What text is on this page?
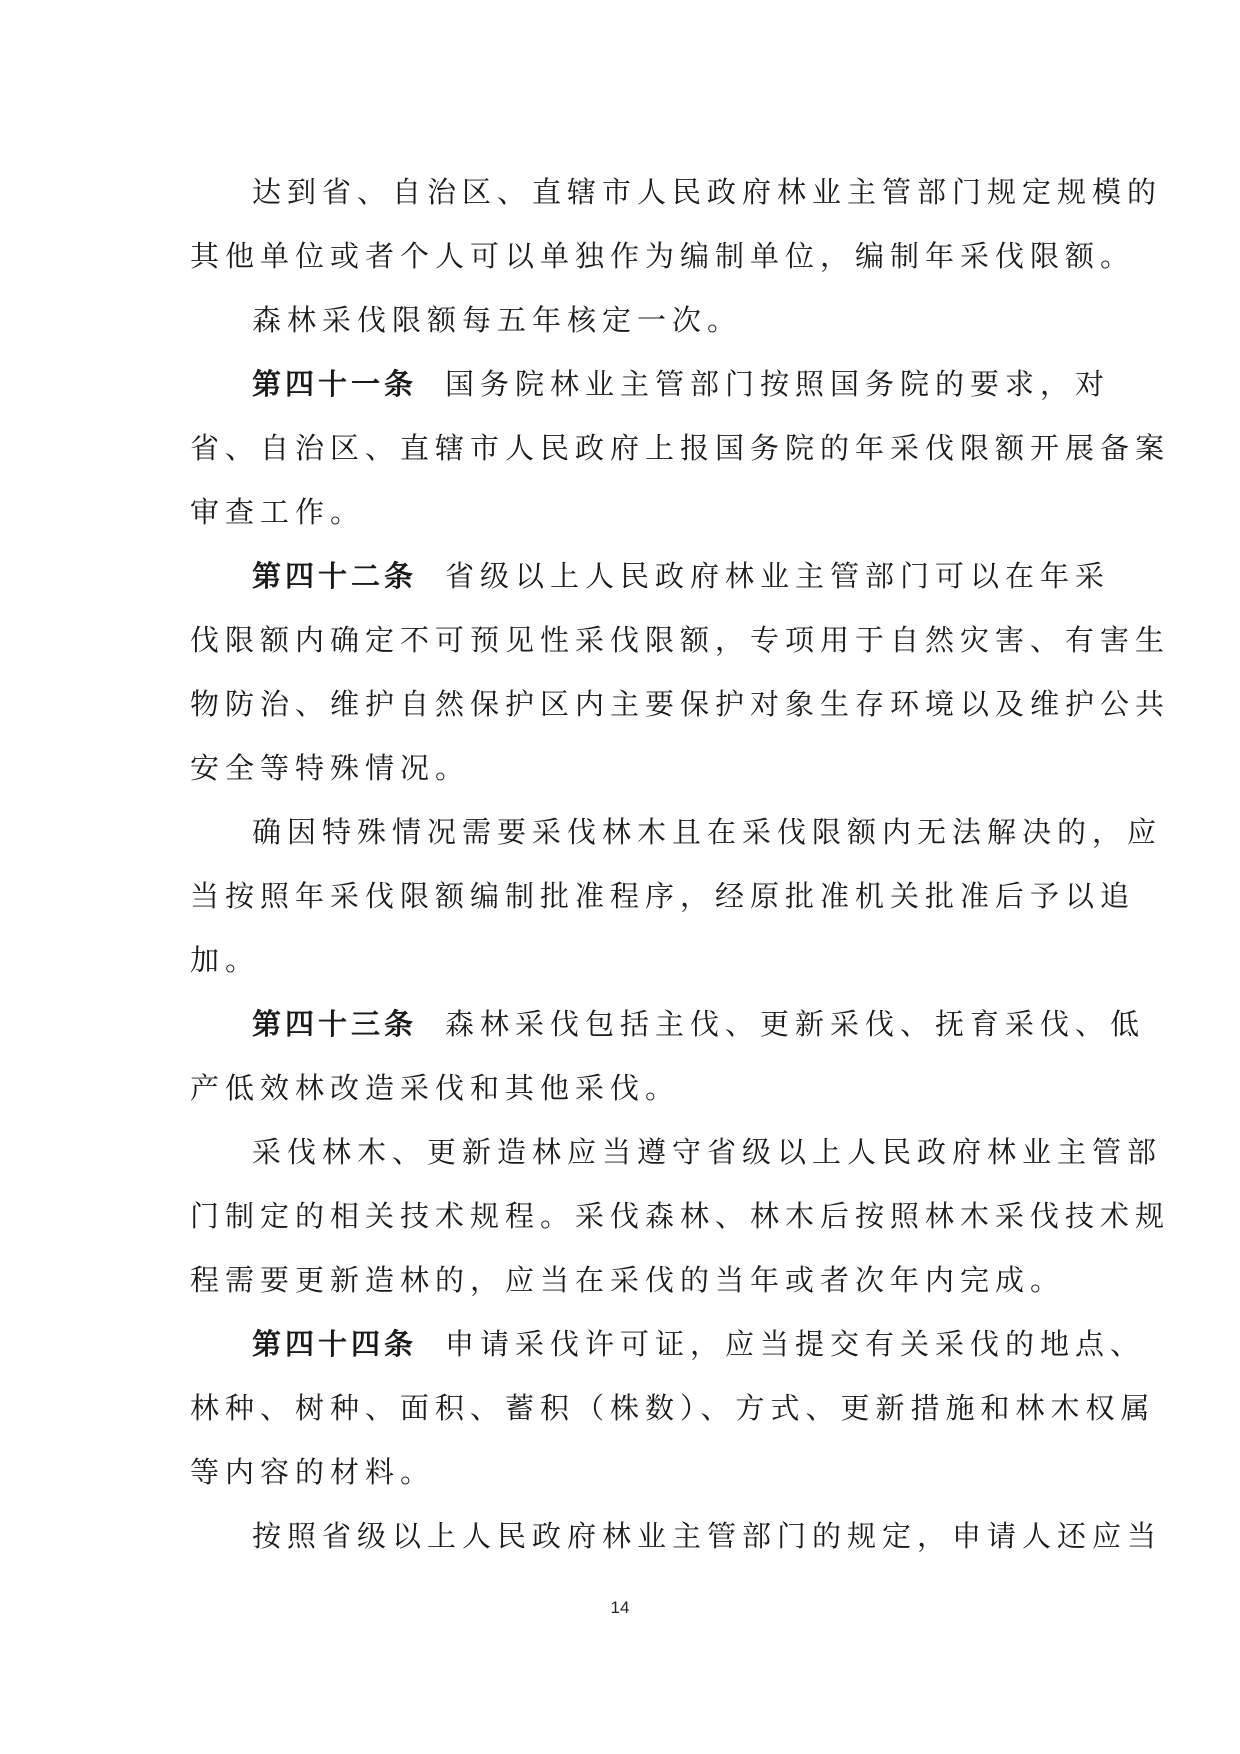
达到省、自治区、直辖市人民政府林业主管部门规定规模的
其他单位或者个人可以单独作为编制单位，编制年采伐限额。
森林采伐限额每五年核定一次。
第四十一条 国务院林业主管部门按照国务院的要求，对
省、自治区、直辖市人民政府上报国务院的年采伐限额开展备案
审查工作。
第四十二条 省级以上人民政府林业主管部门可以在年采
伐限额内确定不可预见性采伐限额，专项用于自然灾害、有害生
物防治、维护自然保护区内主要保护对象生存环境以及维护公共
安全等特殊情况。
确因特殊情况需要采伐林木且在采伐限额内无法解决的，应
当按照年采伐限额编制批准程序，经原批准机关批准后予以追
加。
第四十三条 森林采伐包括主伐、更新采伐、抚育采伐、低
产低效林改造采伐和其他采伐。
采伐林木、更新造林应当遵守省级以上人民政府林业主管部
门制定的相关技术规程。采伐森林、林木后按照林木采伐技术规
程需要更新造林的，应当在采伐的当年或者次年内完成。
第四十四条 申请采伐许可证，应当提交有关采伐的地点、
林种、树种、面积、蓄积（株数）、方式、更新措施和林木权属
等内容的材料。
按照省级以上人民政府林业主管部门的规定，申请人还应当
14
